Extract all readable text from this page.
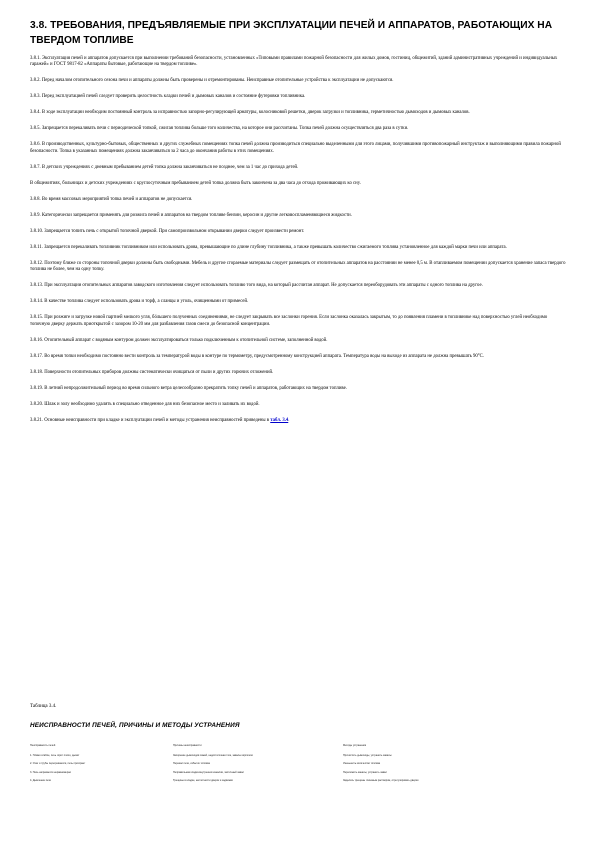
3.8. ТРЕБОВАНИЯ, ПРЕДЪЯВЛЯЕМЫЕ ПРИ ЭКСПЛУАТАЦИИ ПЕЧЕЙ И АППАРАТОВ, РАБОТАЮЩИХ НА ТВЕРДОМ ТОПЛИВЕ

3.8.1. Эксплуатация печей и аппаратов допускается при выполнении требований безопасности, установленных «Типовыми правилами пожарной безопасности для жилых домов, гостиниц, общежитий, зданий административных учреждений и индивидуальных гаражей» и ГОСТ 9817-82 «Аппараты бытовые, работающие на твердом топливе».

3.8.2. Перед началом отопительного сезона печи и аппараты должны быть проверены и отремонтированы. Неисправные отопительные устройства к эксплуатации не допускаются.

3.8.3. Перед эксплуатацией печей следует проверить целостность кладки печей и дымовых каналов и состояние футеровки топливника.

3.8.4. В ходе эксплуатации необходим постоянный контроль за исправностью запорно-регулирующей арматуры, колосниковой решетки, дверок загрузки и топливника, герметичностью дымоходов и дымовых каналов.

3.8.5. Запрещается перекаливать печи с периодической топкой, сжигая топлива больше того количества, на которое они рассчитаны. Топка печей должна осуществляться два раза в сутки.

3.8.6. В производственных, культурно-бытовых, общественных и других служебных помещениях топка печей должна производиться специально выделенными для этого лицами, получившими противопожарный инструктаж и выполняющими правила пожарной безопасности. Топка в указанных помещениях должна заканчиваться за 2 часа до окончания работы в этих помещениях.

3.8.7. В детских учреждениях с дневным пребыванием детей топка должна заканчиваться не позднее, чем за 1 час до прихода детей.

В общежитиях, больницах и детских учреждениях с круглосуточным пребыванием детей топка должна быть закончена за два часа до отхода проживающих ко сну.

3.8.8. Во время массовых мероприятий топка печей и аппаратов не допускается.

3.8.9. Категорически запрещается применять для розжига печей и аппаратов на твердом топливе бензин, керосин и другие легковоспламеняющиеся жидкости.

3.8.10. Запрещается топить печь с открытой топочной дверкой. При самопроизвольном открывании дверки следует произвести ремонт.

3.8.11. Запрещается перекаливать топливник топливником или использовать дрова, превышающие по длине глубину топливника, а также превышать количество сжигаемого топлива установленное для каждой марки печи или аппарата.

3.8.12. Поэтому ближе со стороны топочной дверки должны быть свободными. Мебель и другие сгораемые материалы следует размещать от отопительных аппаратов на расстоянии не менее 0,5 м. В отапливаемом помещении допускается хранение запаса твердого топлива не более, чем на одну топку.

3.8.13. При эксплуатации отопительных аппаратов заводского изготовления следует использовать топливо того вида, на который рассчитан аппарат. Не допускается переоборудовать эти аппараты с одного топлива на другое.

3.8.14. В качестве топлива следует использовать дрова и торф, а сланцы и уголь, очищенными от примесей.

3.8.15. При розжиге и загрузке новой партией мелкого угля, бóльшего полученных соединениями, не следует закрывать все заслонки горения. Если заслонка оказалась закрытым, то до появления пламени в топливнике над поверхностью углей необходимо топочную дверку держать приоткрытой с зазором 10-20 мм для разбавления газов смеси до безопасной концентрации.

3.8.16. Отопительный аппарат с водяным контуром должен эксплуатироваться только подключенным к отопительной системе, заполненной водой.

3.8.17. Во время топки необходимо постоянно вести контроль за температурой воды в контуре по термометру, предусмотренному конструкцией аппарата. Температура воды на выходе из аппарата не должна превышать 90°С.

3.8.18. Поверхности отопительных приборов должны систематически очищаться от пыли и других горючих отложений.

3.8.19. В летний непродолжительный период во время сильного ветра целесообразно прекратить топку печей и аппаратов, работающих на твердом топливе.

3.8.20. Шлак и золу необходимо удалять в специально отведенное для них безопасное место и заливать их водой.

3.8.21. Основные неисправности при кладке и эксплуатации печей и методы устранения неисправностей приведены в табл. 3.4.

Таблица 3.4.
НЕИСПРАВНОСТИ ПЕЧЕЙ, ПРИЧИНЫ И МЕТОДЫ УСТРАНЕНИЯ
Неисправность печей
1. Пламя слабое, печь горит плохо, дымит
2. Очаг и трубы перегреваются, печь прогорает
3. Печь нагревается неравномерно
4. Дымление печи
Причины неисправности
Засорение дымоходов сажей, недостаточная тяга, завалы кирпичом
Перекал печи, избыток топлива
Неправильная кладка внутренних каналов, частичный завал
Трещины в кладке, неплотности дверок и задвижки
Методы устранения
Прочистить дымоходы, устранить завалы
Уменьшить количество топлива
Переложить каналы, устранить завал
Заделать трещины глиняным раствором, отрегулировать дверки
